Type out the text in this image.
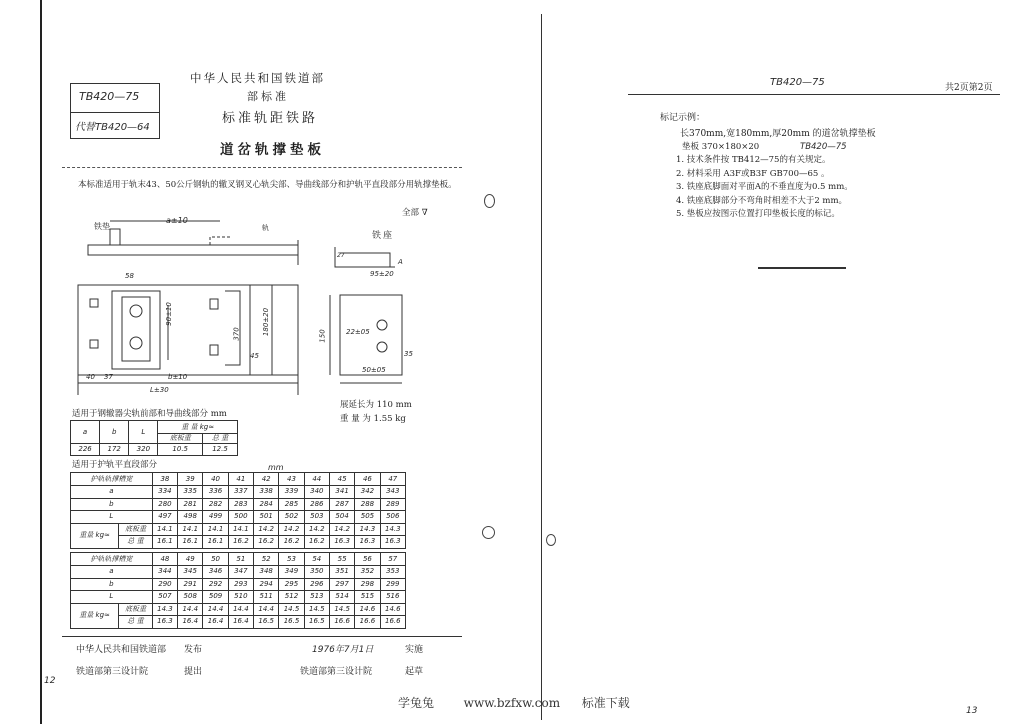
TB420—75
代替TB420—64
中华人民共和国铁道部
部标准
标准轨距铁路
道岔轨撑垫板
本标准适用于轨末43、50公斤钢轨的辙叉钢叉心轨尖部、导曲线部分和护轨平直段部分用轨撑垫板。
全部 ∇
铁垫
a±10
轨
铁座
58
90±10
370	180±20
45
40 37	b±10
L±30
95±20
27
A
150	22±05
35
50±05
展延长为 110 mm
重 量 为 1.55 kg
适用于钢辙器尖轨前部和导曲线部分 mm
a	b	L	重 量 kg≈	
			底板重	总 重
226	172	320	10.5	12.5
适用于护轨平直段部分	mm
护轨轨撑槽宽		38	39	40	41	42	43	44	45	46	47
a		334	335	336	337	338	339	340	341	342	343
b		280	281	282	283	284	285	286	287	288	289
L		497	498	499	500	501	502	503	504	505	506
重量 kg≈	底板重	14.1	14.1	14.1	14.1	14.2	14.2	14.2	14.2	14.3	14.3
	总 重	16.1	16.1	16.1	16.2	16.2	16.2	16.2	16.3	16.3	16.3
护轨轨撑槽宽		48	49	50	51	52	53	54	55	56	57
a		344	345	346	347	348	349	350	351	352	353
b		290	291	292	293	294	295	296	297	298	299
L		507	508	509	510	511	512	513	514	515	516
重量 kg≈	底板重	14.3	14.4	14.4	14.4	14.4	14.5	14.5	14.5	14.6	14.6
	总 重	16.3	16.4	16.4	16.4	16.5	16.5	16.5	16.6	16.6	16.6
中华人民共和国铁道部 发布	1976年7月1日	实施
铁道部第三设计院	提出	铁道部第三设计院	起草
12
TB420—75	共2页第2页
标记示例：
长370mm,宽180mm,厚20mm 的道岔轨撑垫板
垫板 370×180×20	TB420—75
1. 技术条件按 TB412—75的有关规定。
2. 材料采用 A3F或B3F GB700—65 。
3. 铁座底脚面对平面A的不垂直度为0.5 mm。
4. 铁座底脚部分不弯角时相差不大于2 mm。
5. 垫板应按图示位置打印垫板长度的标记。
13
学兔兔 www.bzfxw.com 标准下载
